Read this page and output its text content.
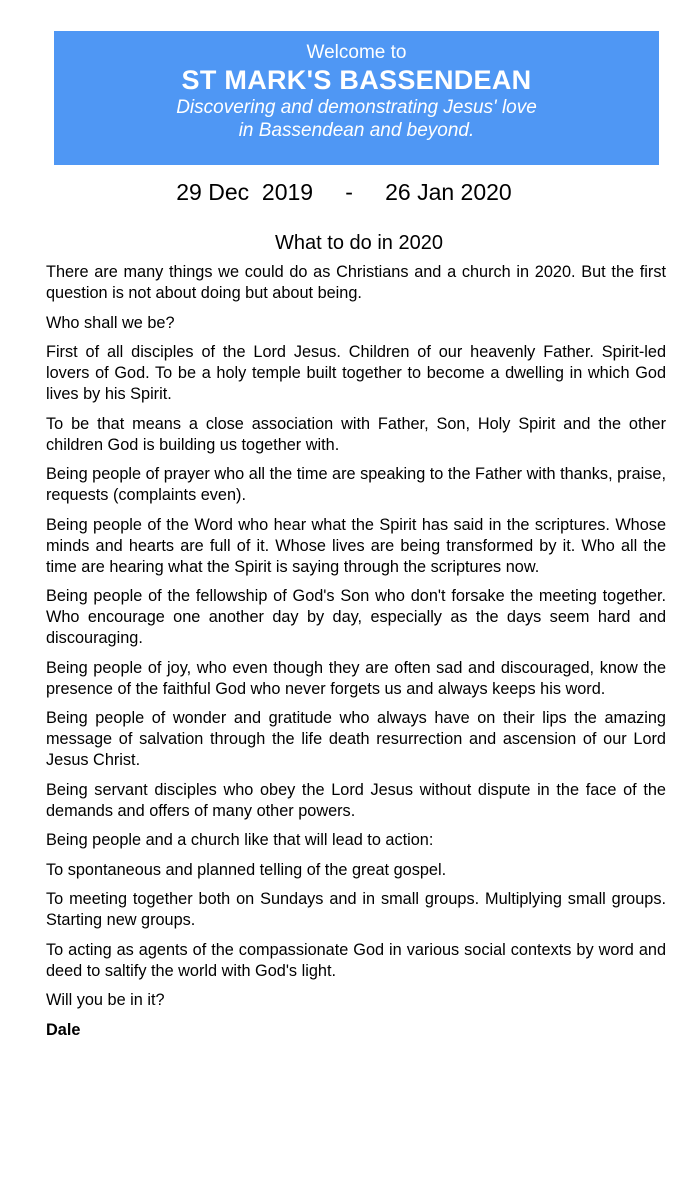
Welcome to
ST MARK'S BASSENDEAN
Discovering and demonstrating Jesus' love
in Bassendean and beyond.
29 Dec  2019 - 26 Jan 2020
What to do in 2020

There are many things we could do as Christians and a church in 2020. But the first question is not about doing but about being.

Who shall we be?

First of all disciples of the Lord Jesus. Children of our heavenly Father. Spirit-led lovers of God. To be a holy temple built together to become a dwelling in which God lives by his Spirit.

To be that means a close association with Father, Son, Holy Spirit and the other children God is building us together with.

Being people of prayer who all the time are speaking to the Father with thanks, praise, requests (complaints even).

Being people of the Word who hear what the Spirit has said in the scriptures. Whose minds and hearts are full of it. Whose lives are being transformed by it. Who all the time are hearing what the Spirit is saying through the scriptures now.

Being people of the fellowship of God's Son who don't forsake the meeting together. Who encourage one another day by day, especially as the days seem hard and discouraging.

Being people of joy, who even though they are often sad and discouraged, know the presence of the faithful God who never forgets us and always keeps his word.

Being people of wonder and gratitude who always have on their lips the amazing message of salvation through the life death resurrection and ascension of our Lord Jesus Christ.

Being servant disciples who obey the Lord Jesus without dispute in the face of the demands and offers of many other powers.

Being people and a church like that will lead to action:

To spontaneous and planned telling of the great gospel.

To meeting together both on Sundays and in small groups. Multiplying small groups. Starting new groups.

To acting as agents of the compassionate God in various social contexts by word and deed to saltify the world with God's light.

Will you be in it?

Dale
